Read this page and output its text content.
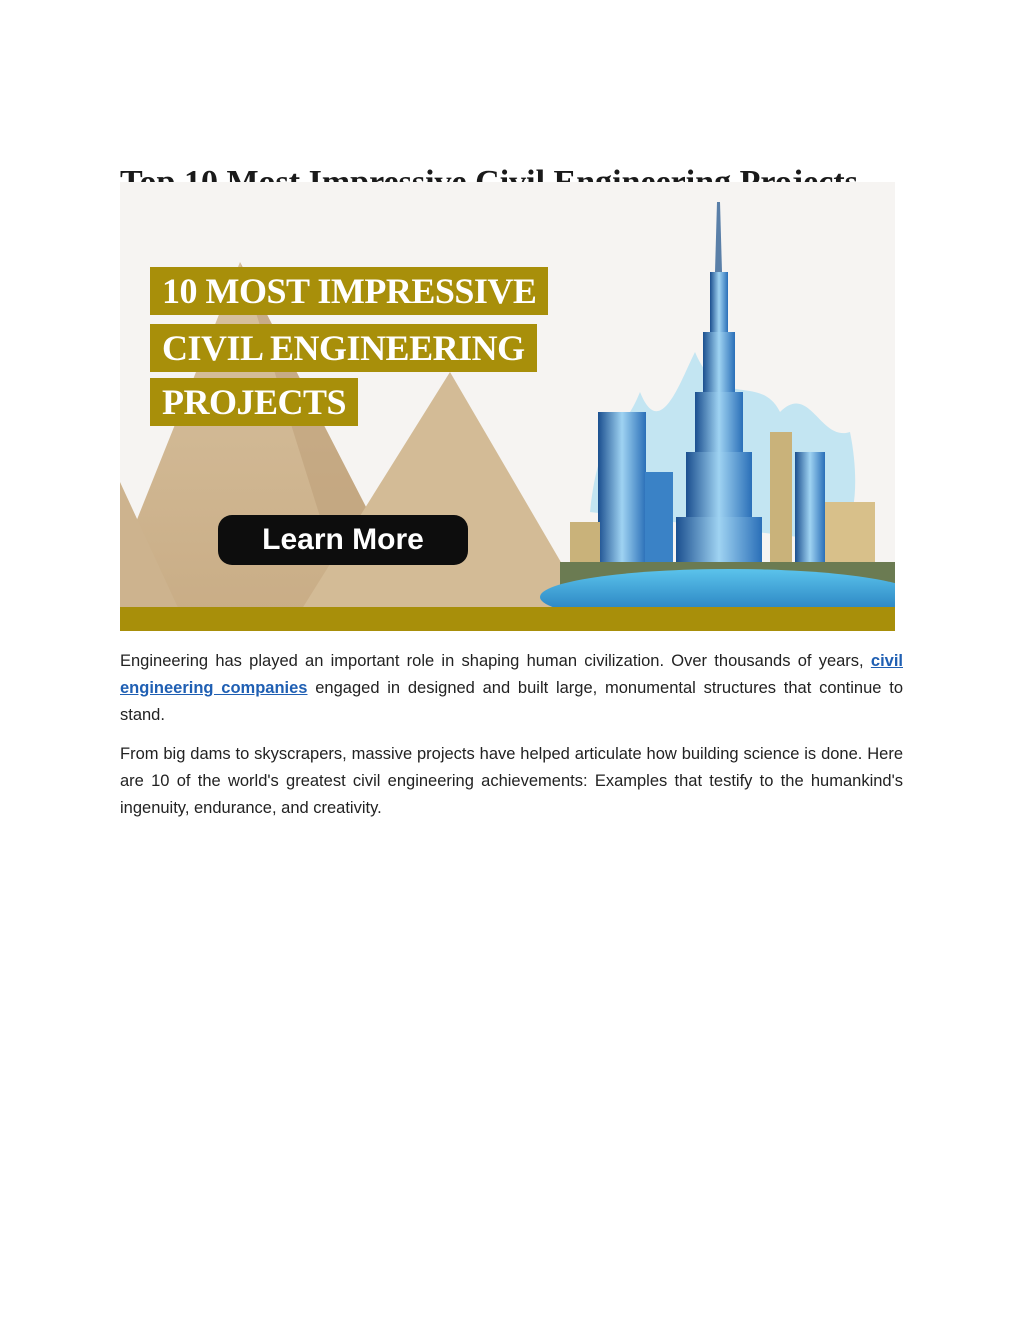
10 MOST IMPRESSIVE
CIVIL ENGINEERING
PROJECTS
Learn More

Engineering has played an important role in shaping human civilization. Over thousands of years, civil engineering companies engaged in designed and built large, monumental structures that continue to stand.

From big dams to skyscrapers, massive projects have helped articulate how building science is done. Here are 10 of the world's greatest civil engineering achievements: Examples that testify to the humankind's ingenuity, endurance, and creativity.
